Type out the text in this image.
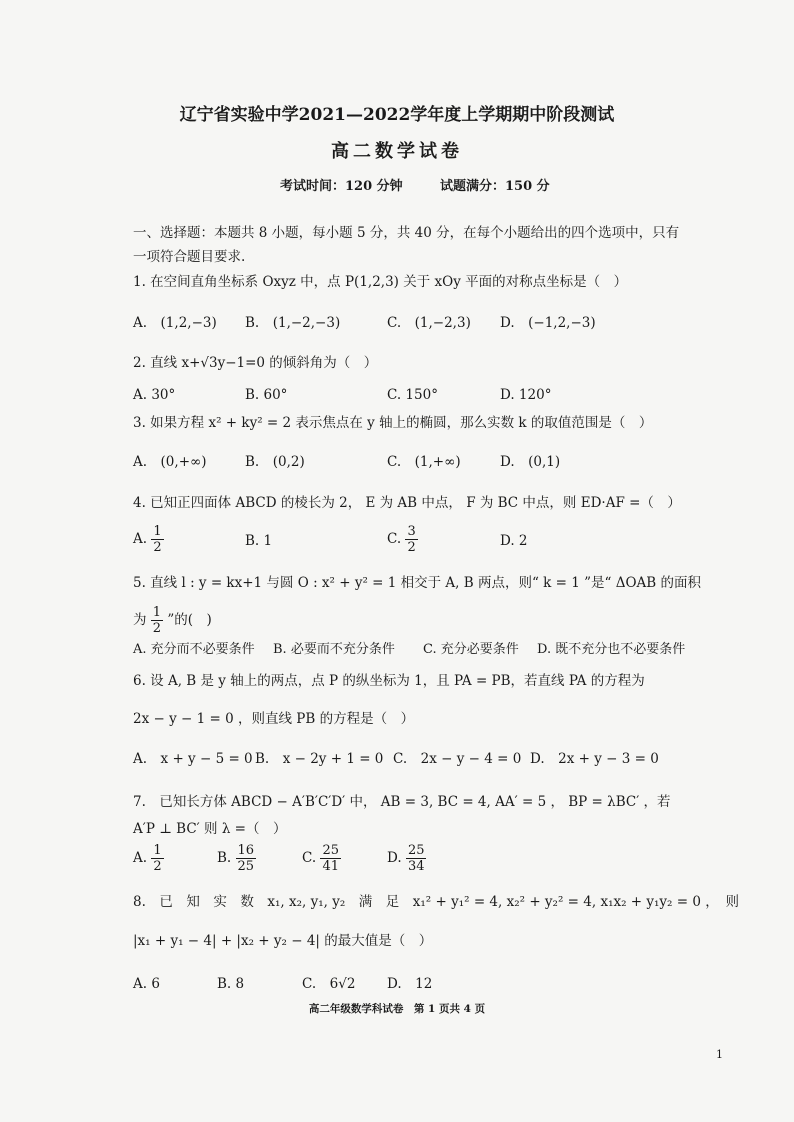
辽宁省实验中学2021—2022学年度上学期期中阶段测试
高二数学试卷
考试时间：120 分钟	试题满分：150 分
一、选择题：本题共 8 小题，每小题 5 分，共 40 分，在每个小题给出的四个选项中，只有
一项符合题目要求.
1. 在空间直角坐标系 Oxyz 中，点 P(1,2,3) 关于 xOy 平面的对称点坐标是（　）
A.　(1,2,−3) B.　(1,−2,−3)	C.　(1,−2,3) D.　(−1,2,−3)
2. 直线 x+√3y−1=0 的倾斜角为（　）
A. 30°	B. 60°	C. 150°	D. 120°
3. 如果方程 x² + ky² = 2 表示焦点在 y 轴上的椭圆，那么实数 k 的取值范围是（　）
A.　(0,+∞)	B.　(0,2)	C.　(1,+∞)	D.　(0,1)
4. 已知正四面体 ABCD 的棱长为 2， E 为 AB 中点， F 为 BC 中点，则 ED·AF =（　）
A. $\frac{1}{2}$	B. 1	C. $\frac{3}{2}$	D. 2
5. 直线 l : y = kx+1 与圆 O : x² + y² = 1 相交于 A, B 两点，则“ k = 1 ”是“ ΔOAB 的面积
为 $\frac{1}{2}$ ”的(　)
A. 充分而不必要条件 B. 必要而不充分条件 C. 充分必要条件 D. 既不充分也不必要条件
6. 设 A, B 是 y 轴上的两点，点 P 的纵坐标为 1，且 PA = PB，若直线 PA 的方程为
2x − y − 1 = 0 ，则直线 PB 的方程是（　）
A.　x + y − 5 = 0 B.　x − 2y + 1 = 0 C.　2x − y − 4 = 0 D.　2x + y − 3 = 0
7.　已知长方体 ABCD − A′B′C′D′ 中， AB = 3, BC = 4, AA′ = 5 ， BP = λBC′ ，若
A′P ⊥ BC′ 则 λ =（　）
A. $\frac{1}{2}$	B. $\frac{16}{25}$	C. $\frac{25}{41}$	D. $\frac{25}{34}$
8.　已　知　实　数　x₁, x₂, y₁, y₂　满　足　x₁² + y₁² = 4, x₂² + y₂² = 4, x₁x₂ + y₁y₂ = 0 ，　则
|x₁ + y₁ − 4| + |x₂ + y₂ − 4| 的最大值是（　）
A. 6	B. 8	C.　6√2 D.　12
高二年级数学科试卷　第 1 页共 4 页
1
